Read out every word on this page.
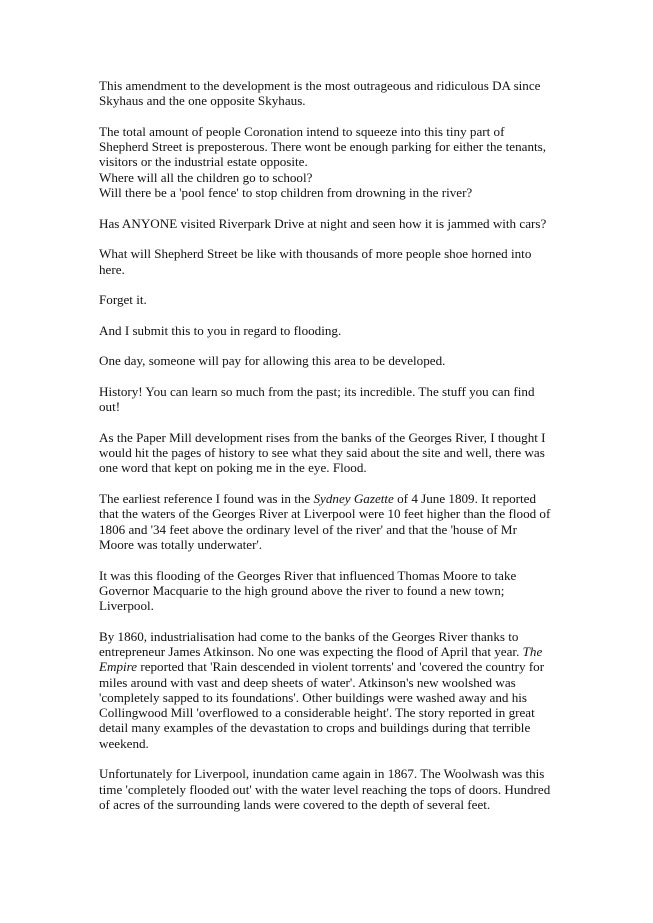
This amendment to the development is the most outrageous and ridiculous DA since
Skyhaus and the one opposite Skyhaus.

The total amount of people Coronation intend to squeeze into this tiny part of
Shepherd Street is preposterous. There wont be enough parking for either the tenants,
visitors or the industrial estate opposite.
Where will all the children go to school?
Will there be a 'pool fence' to stop children from drowning in the river?

Has ANYONE visited Riverpark Drive at night and seen how it is jammed with cars?

What will Shepherd Street be like with thousands of more people shoe horned into
here.

Forget it.

And I submit this to you in regard to flooding.

One day, someone will pay for allowing this area to be developed.

History! You can learn so much from the past; its incredible. The stuff you can find
out!

As the Paper Mill development rises from the banks of the Georges River, I thought I
would hit the pages of history to see what they said about the site and well, there was
one word that kept on poking me in the eye. Flood.

The earliest reference I found was in the Sydney Gazette of 4 June 1809. It reported
that the waters of the Georges River at Liverpool were 10 feet higher than the flood of
1806 and '34 feet above the ordinary level of the river' and that the 'house of Mr
Moore was totally underwater'.

It was this flooding of the Georges River that influenced Thomas Moore to take
Governor Macquarie to the high ground above the river to found a new town;
Liverpool.

By 1860, industrialisation had come to the banks of the Georges River thanks to
entrepreneur James Atkinson. No one was expecting the flood of April that year. The
Empire reported that 'Rain descended in violent torrents' and 'covered the country for
miles around with vast and deep sheets of water'. Atkinson's new woolshed was
'completely sapped to its foundations'. Other buildings were washed away and his
Collingwood Mill 'overflowed to a considerable height'. The story reported in great
detail many examples of the devastation to crops and buildings during that terrible
weekend.

Unfortunately for Liverpool, inundation came again in 1867. The Woolwash was this
time 'completely flooded out' with the water level reaching the tops of doors. Hundred
of acres of the surrounding lands were covered to the depth of several feet.
